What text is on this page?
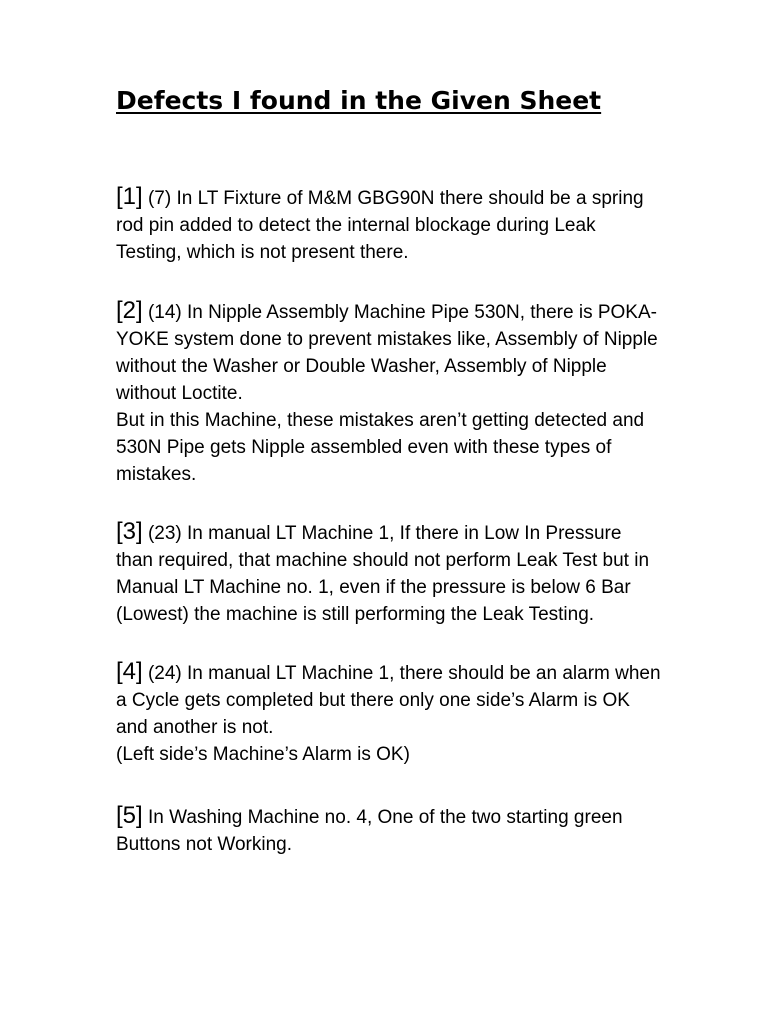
Defects I found in the Given Sheet

[1] (7) In LT Fixture of M&M GBG90N there should be a spring rod pin added to detect the internal blockage during Leak Testing, which is not present there.

[2] (14) In Nipple Assembly Machine Pipe 530N, there is POKA-YOKE system done to prevent mistakes like, Assembly of Nipple without the Washer or Double Washer, Assembly of Nipple without Loctite.
But in this Machine, these mistakes aren’t getting detected and 530N Pipe gets Nipple assembled even with these types of mistakes.

[3] (23) In manual LT Machine 1, If there in Low In Pressure than required, that machine should not perform Leak Test but in Manual LT Machine no. 1, even if the pressure is below 6 Bar (Lowest) the machine is still performing the Leak Testing.

[4] (24) In manual LT Machine 1, there should be an alarm when a Cycle gets completed but there only one side’s Alarm is OK and another is not.
(Left side’s Machine’s Alarm is OK)

[5] In Washing Machine no. 4, One of the two starting green Buttons not Working.
